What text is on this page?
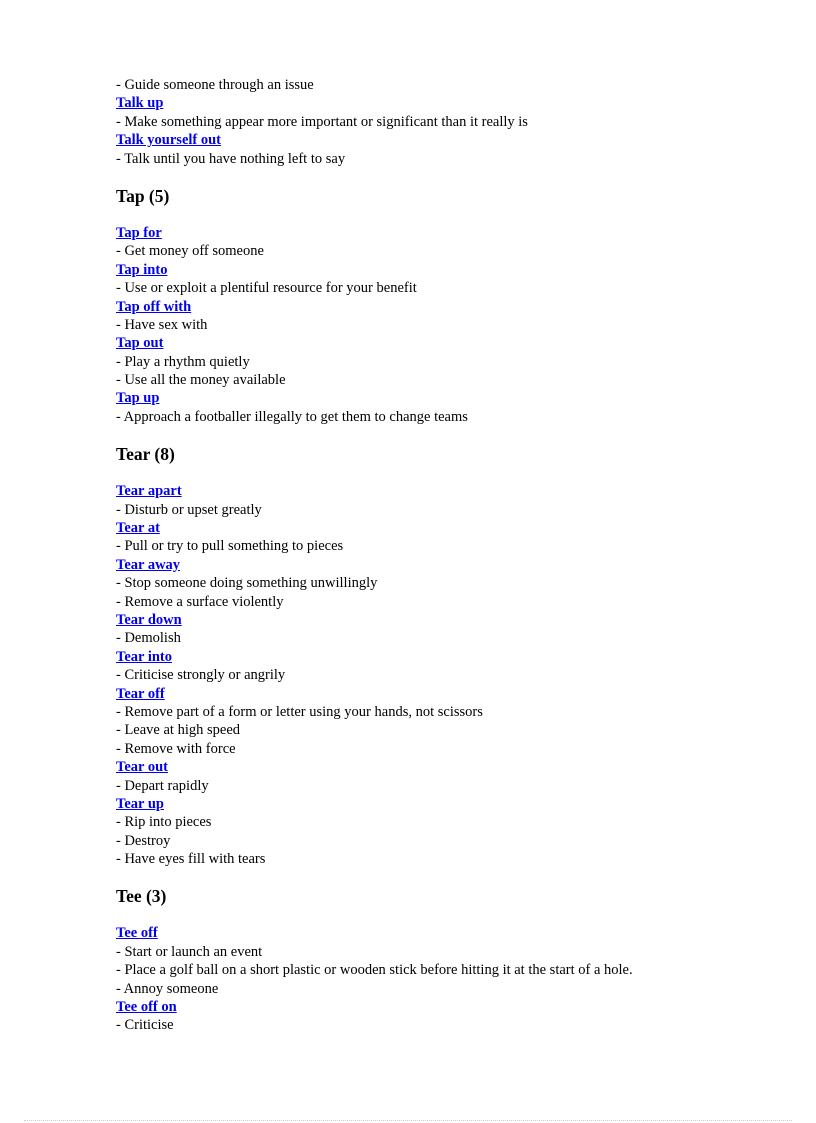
- Guide someone through an issue
Talk up
- Make something appear more important or significant than it really is
Talk yourself out
- Talk until you have nothing left to say
Tap (5)
Tap for
- Get money off someone
Tap into
- Use or exploit a plentiful resource for your benefit
Tap off with
- Have sex with
Tap out
- Play a rhythm quietly
- Use all the money available
Tap up
- Approach a footballer illegally to get them to change teams
Tear (8)
Tear apart
- Disturb or upset greatly
Tear at
- Pull or try to pull something to pieces
Tear away
- Stop someone doing something unwillingly
- Remove a surface violently
Tear down
- Demolish
Tear into
- Criticise strongly or angrily
Tear off
- Remove part of a form or letter using your hands, not scissors
- Leave at high speed
- Remove with force
Tear out
- Depart rapidly
Tear up
- Rip into pieces
- Destroy
- Have eyes fill with tears
Tee (3)
Tee off
- Start or launch an event
- Place a golf ball on a short plastic or wooden stick before hitting it at the start of a hole.
- Annoy someone
Tee off on
- Criticise
